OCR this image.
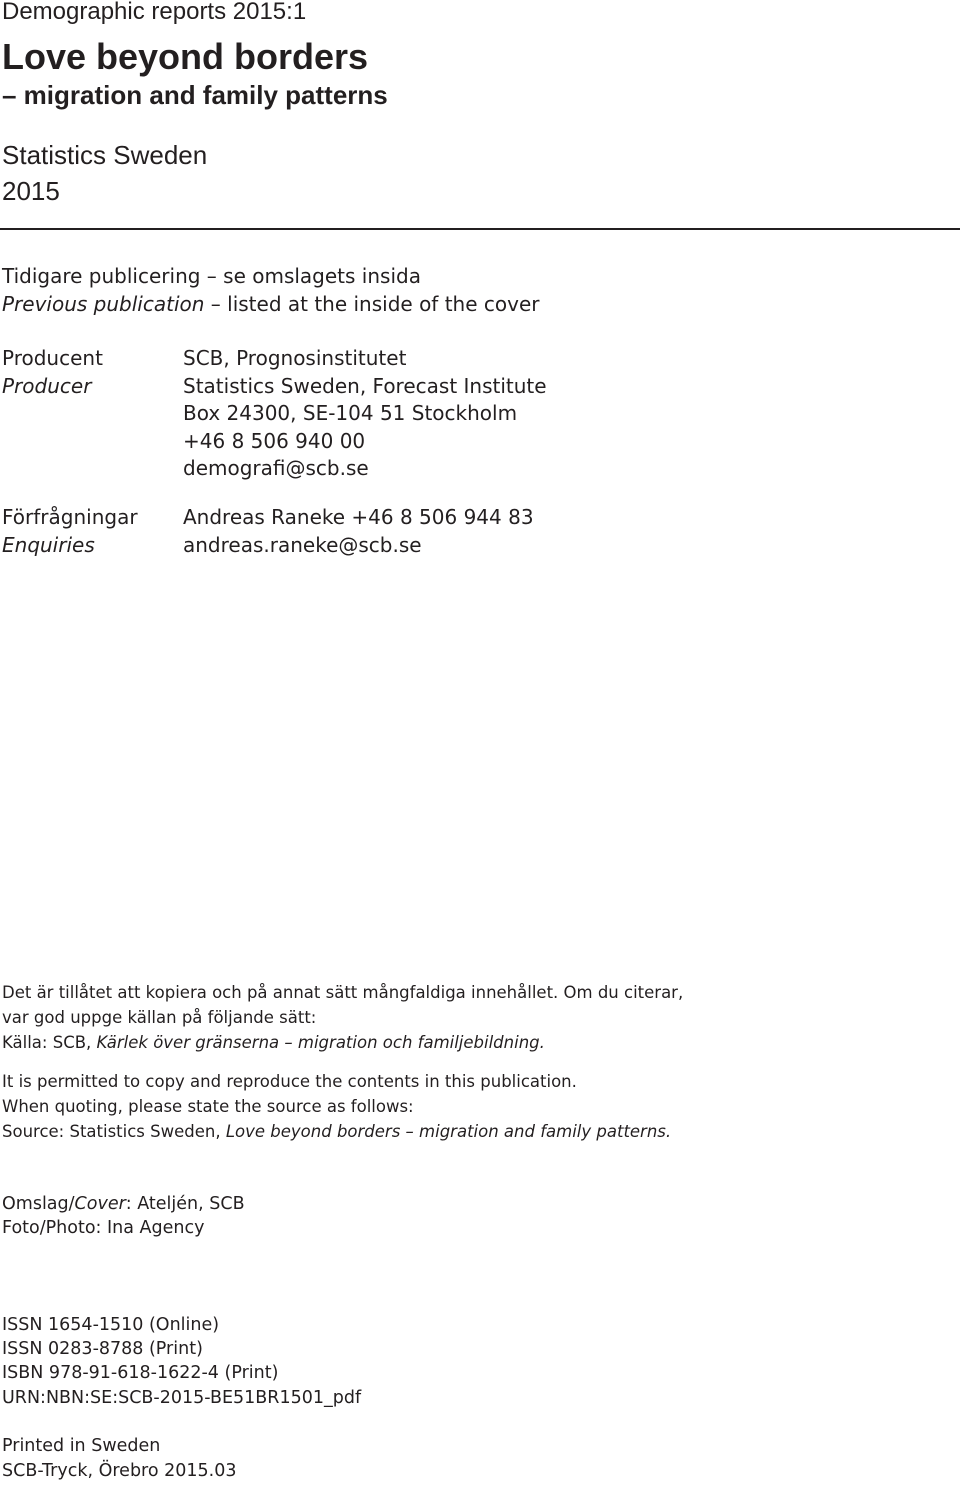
Demographic reports 2015:1
Love beyond borders
– migration and family patterns
Statistics Sweden
2015
Tidigare publicering – se omslagets insida
Previous publication – listed at the inside of the cover
Producent
Producer
SCB, Prognosinstitutet
Statistics Sweden, Forecast Institute
Box 24300, SE-104 51 Stockholm
+46 8 506 940 00
demografi@scb.se
Förfrågningar
Enquiries
Andreas Raneke +46 8 506 944 83
andreas.raneke@scb.se
Det är tillåtet att kopiera och på annat sätt mångfaldiga innehållet. Om du citerar,
var god uppge källan på följande sätt:
Källa: SCB, Kärlek över gränserna – migration och familjebildning.
It is permitted to copy and reproduce the contents in this publication.
When quoting, please state the source as follows:
Source: Statistics Sweden, Love beyond borders – migration and family patterns.
Omslag/Cover: Ateljén, SCB
Foto/Photo: Ina Agency
ISSN 1654-1510 (Online)
ISSN 0283-8788 (Print)
ISBN 978-91-618-1622-4 (Print)
URN:NBN:SE:SCB-2015-BE51BR1501_pdf
Printed in Sweden
SCB-Tryck, Örebro 2015.03
